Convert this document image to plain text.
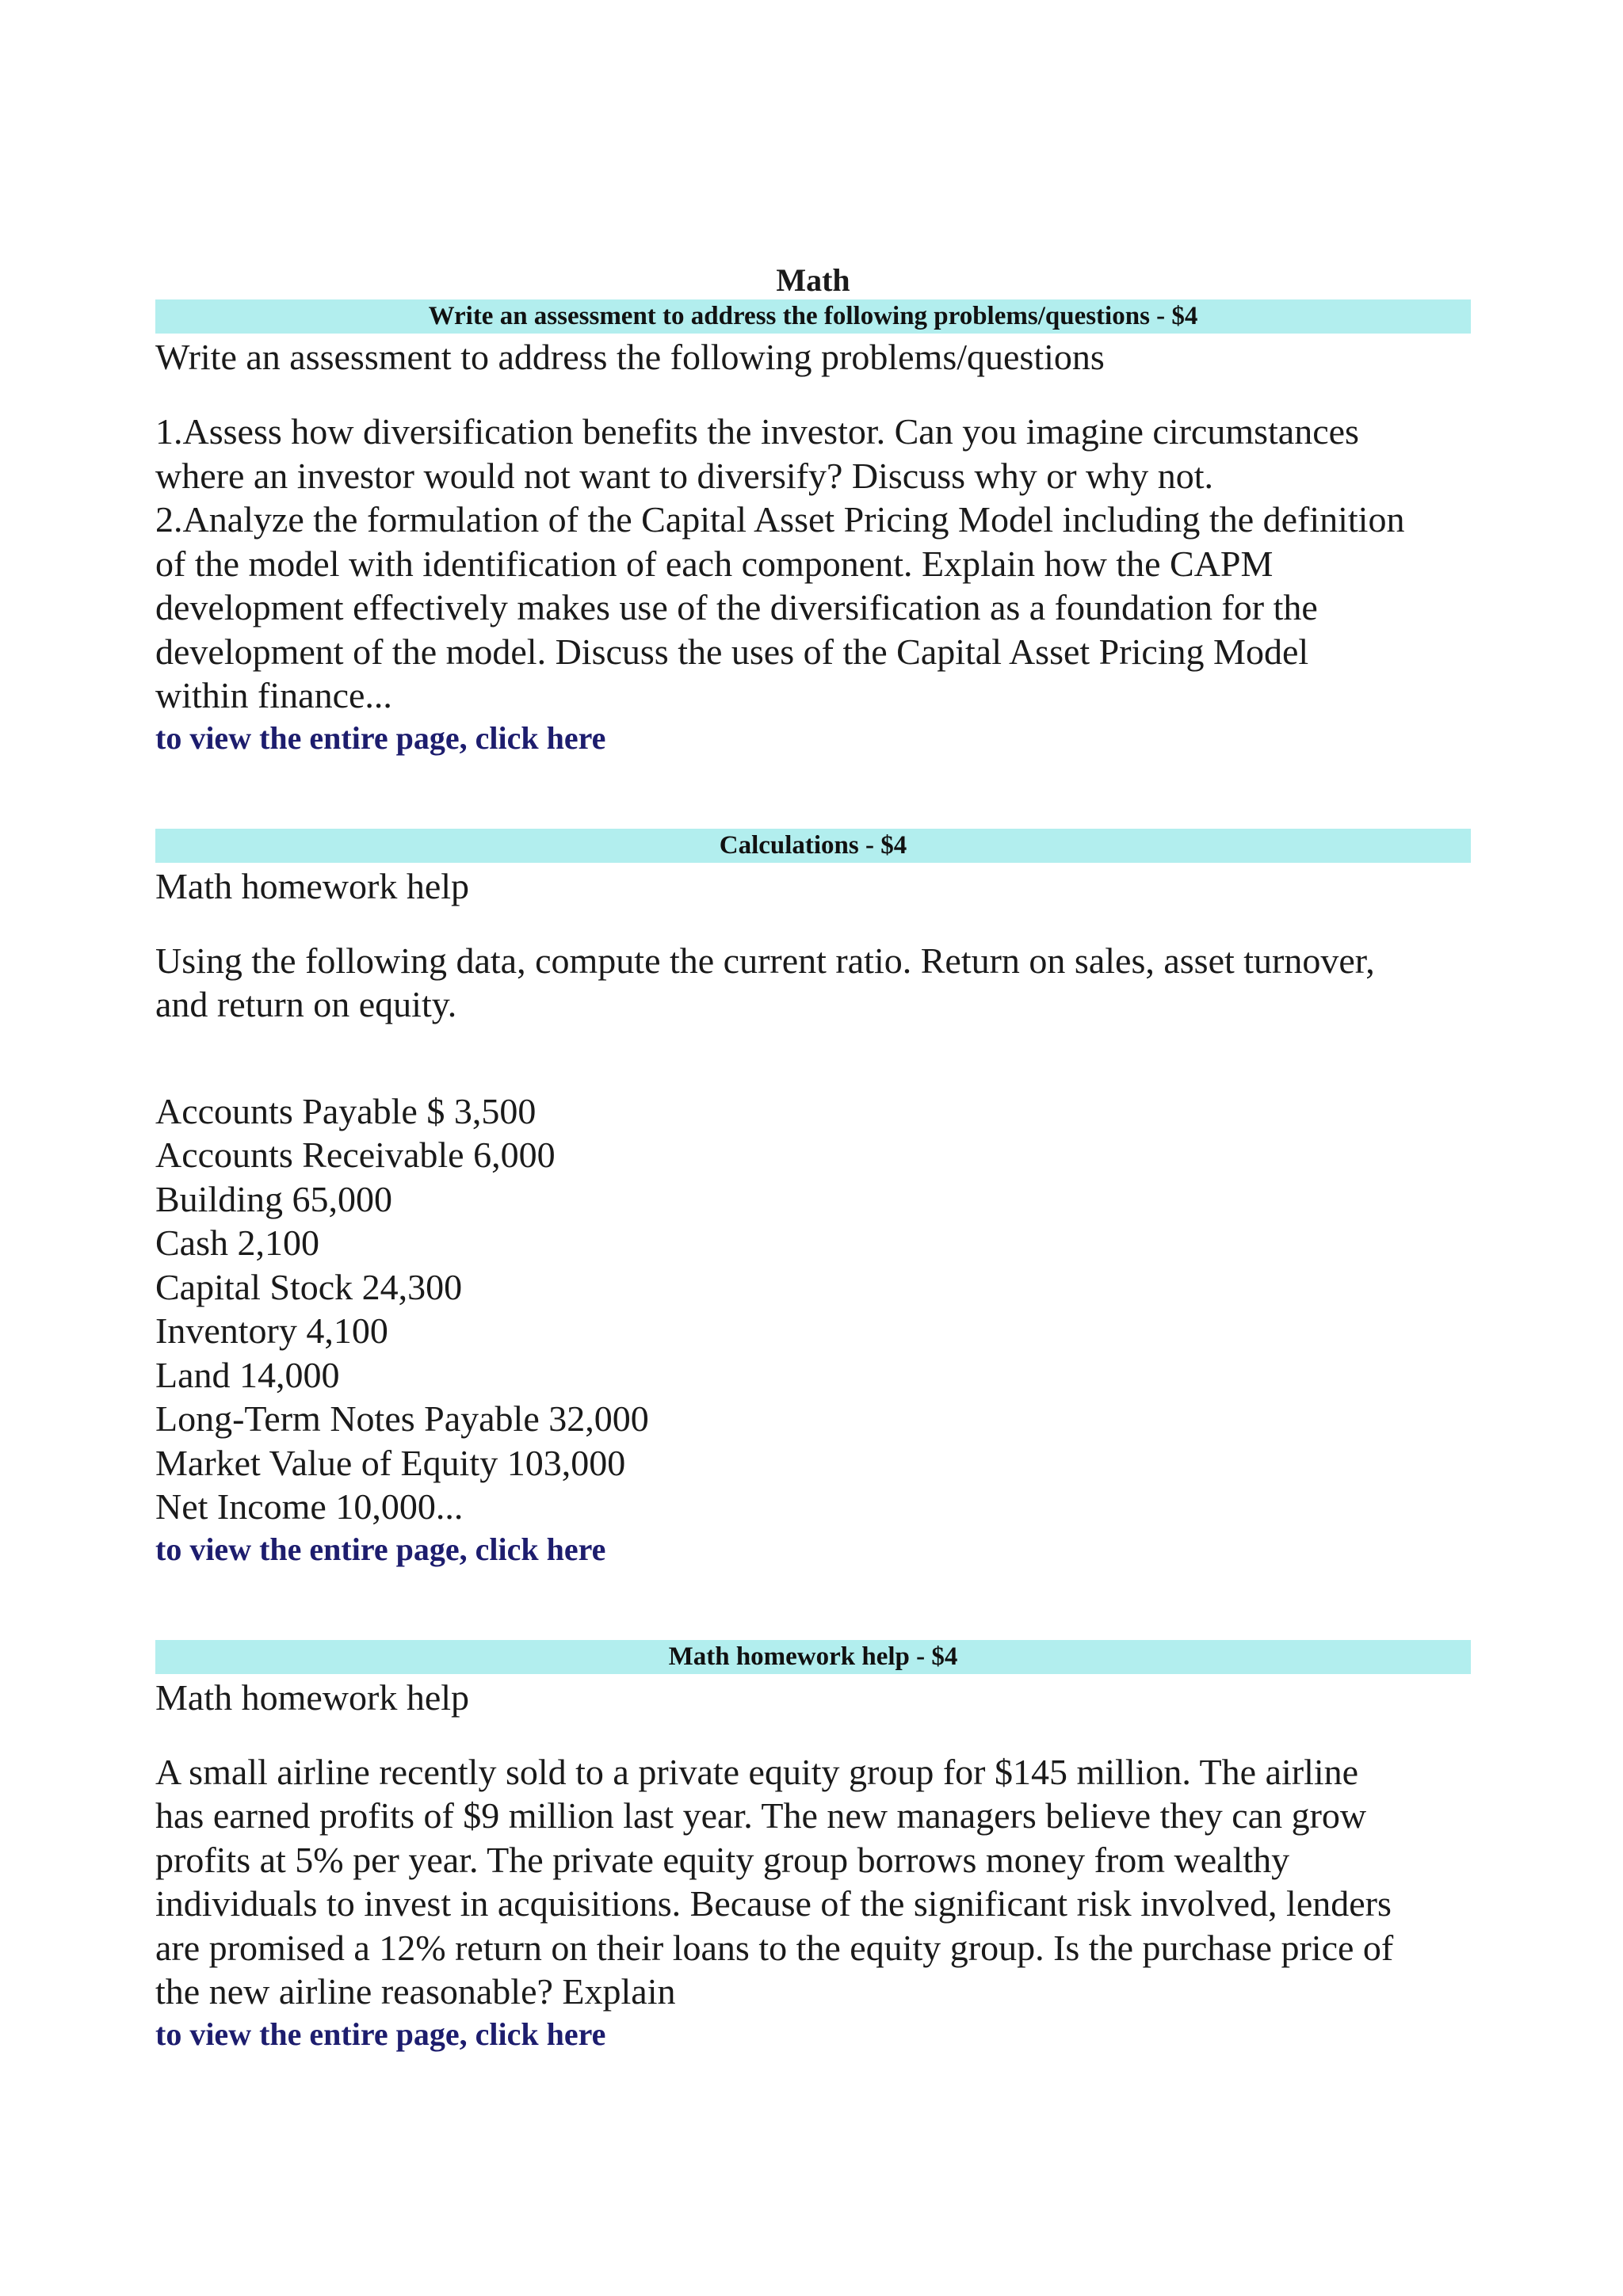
Math
Write an assessment to address the following problems/questions - $4
Write an assessment to address the following problems/questions
1.Assess how diversification benefits the investor. Can you imagine circumstances
where an investor would not want to diversify? Discuss why or why not.
2.Analyze the formulation of the Capital Asset Pricing Model including the definition
of the model with identification of each component. Explain how the CAPM
development effectively makes use of the diversification as a foundation for the
development of the model. Discuss the uses of the Capital Asset Pricing Model
within finance...
to view the entire page, click here
Calculations - $4
Math homework help
Using the following data, compute the current ratio. Return on sales, asset turnover,
and return on equity.
Accounts Payable $ 3,500
Accounts Receivable 6,000
Building 65,000
Cash 2,100
Capital Stock 24,300
Inventory 4,100
Land 14,000
Long-Term Notes Payable 32,000
Market Value of Equity 103,000
Net Income 10,000...
to view the entire page, click here
Math homework help - $4
Math homework help
A small airline recently sold to a private equity group for $145 million. The airline
has earned profits of $9 million last year. The new managers believe they can grow
profits at 5% per year. The private equity group borrows money from wealthy
individuals to invest in acquisitions. Because of the significant risk involved, lenders
are promised a 12% return on their loans to the equity group. Is the purchase price of
the new airline reasonable? Explain
to view the entire page, click here
